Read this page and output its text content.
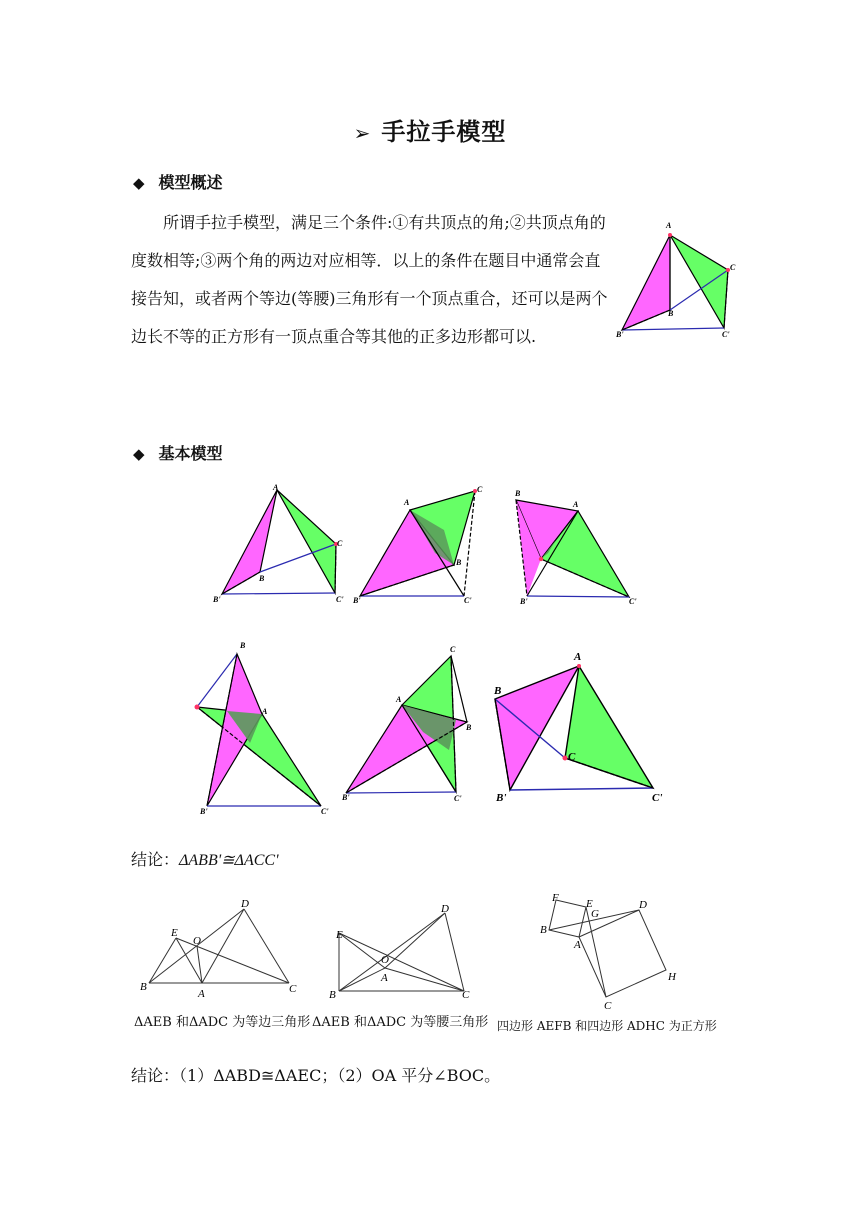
➢ 手拉手模型
◆ 模型概述
所谓手拉手模型，满足三个条件:①有共顶点的角;②共顶点角的度数相等;③两个角的两边对应相等．以上的条件在题目中通常会直接告知，或者两个等边(等腰)三角形有一个顶点重合，还可以是两个边长不等的正方形有一顶点重合等其他的正多边形都可以.
A
C
B
B'	C'
◆ 基本模型
A
C
B
B'	C'
A
C
B
B'	C'
B
A
B'	C'
B
A
B'	C'
A
C
B
B'	C'
A
B
C
B'	C'
结论：ΔABB'≅ΔACC'
B
A	C
E
D
O
B	C
E
D
O
A
F E
G
D
B
A
H
C
ΔAEB 和ΔADC 为等边三角形 ΔAEB 和ΔADC 为等腰三角形 四边形 AEFB 和四边形 ADHC 为正方形
结论：（1）ΔABD≅ΔAEC；（2）OA 平分∠BOC。
